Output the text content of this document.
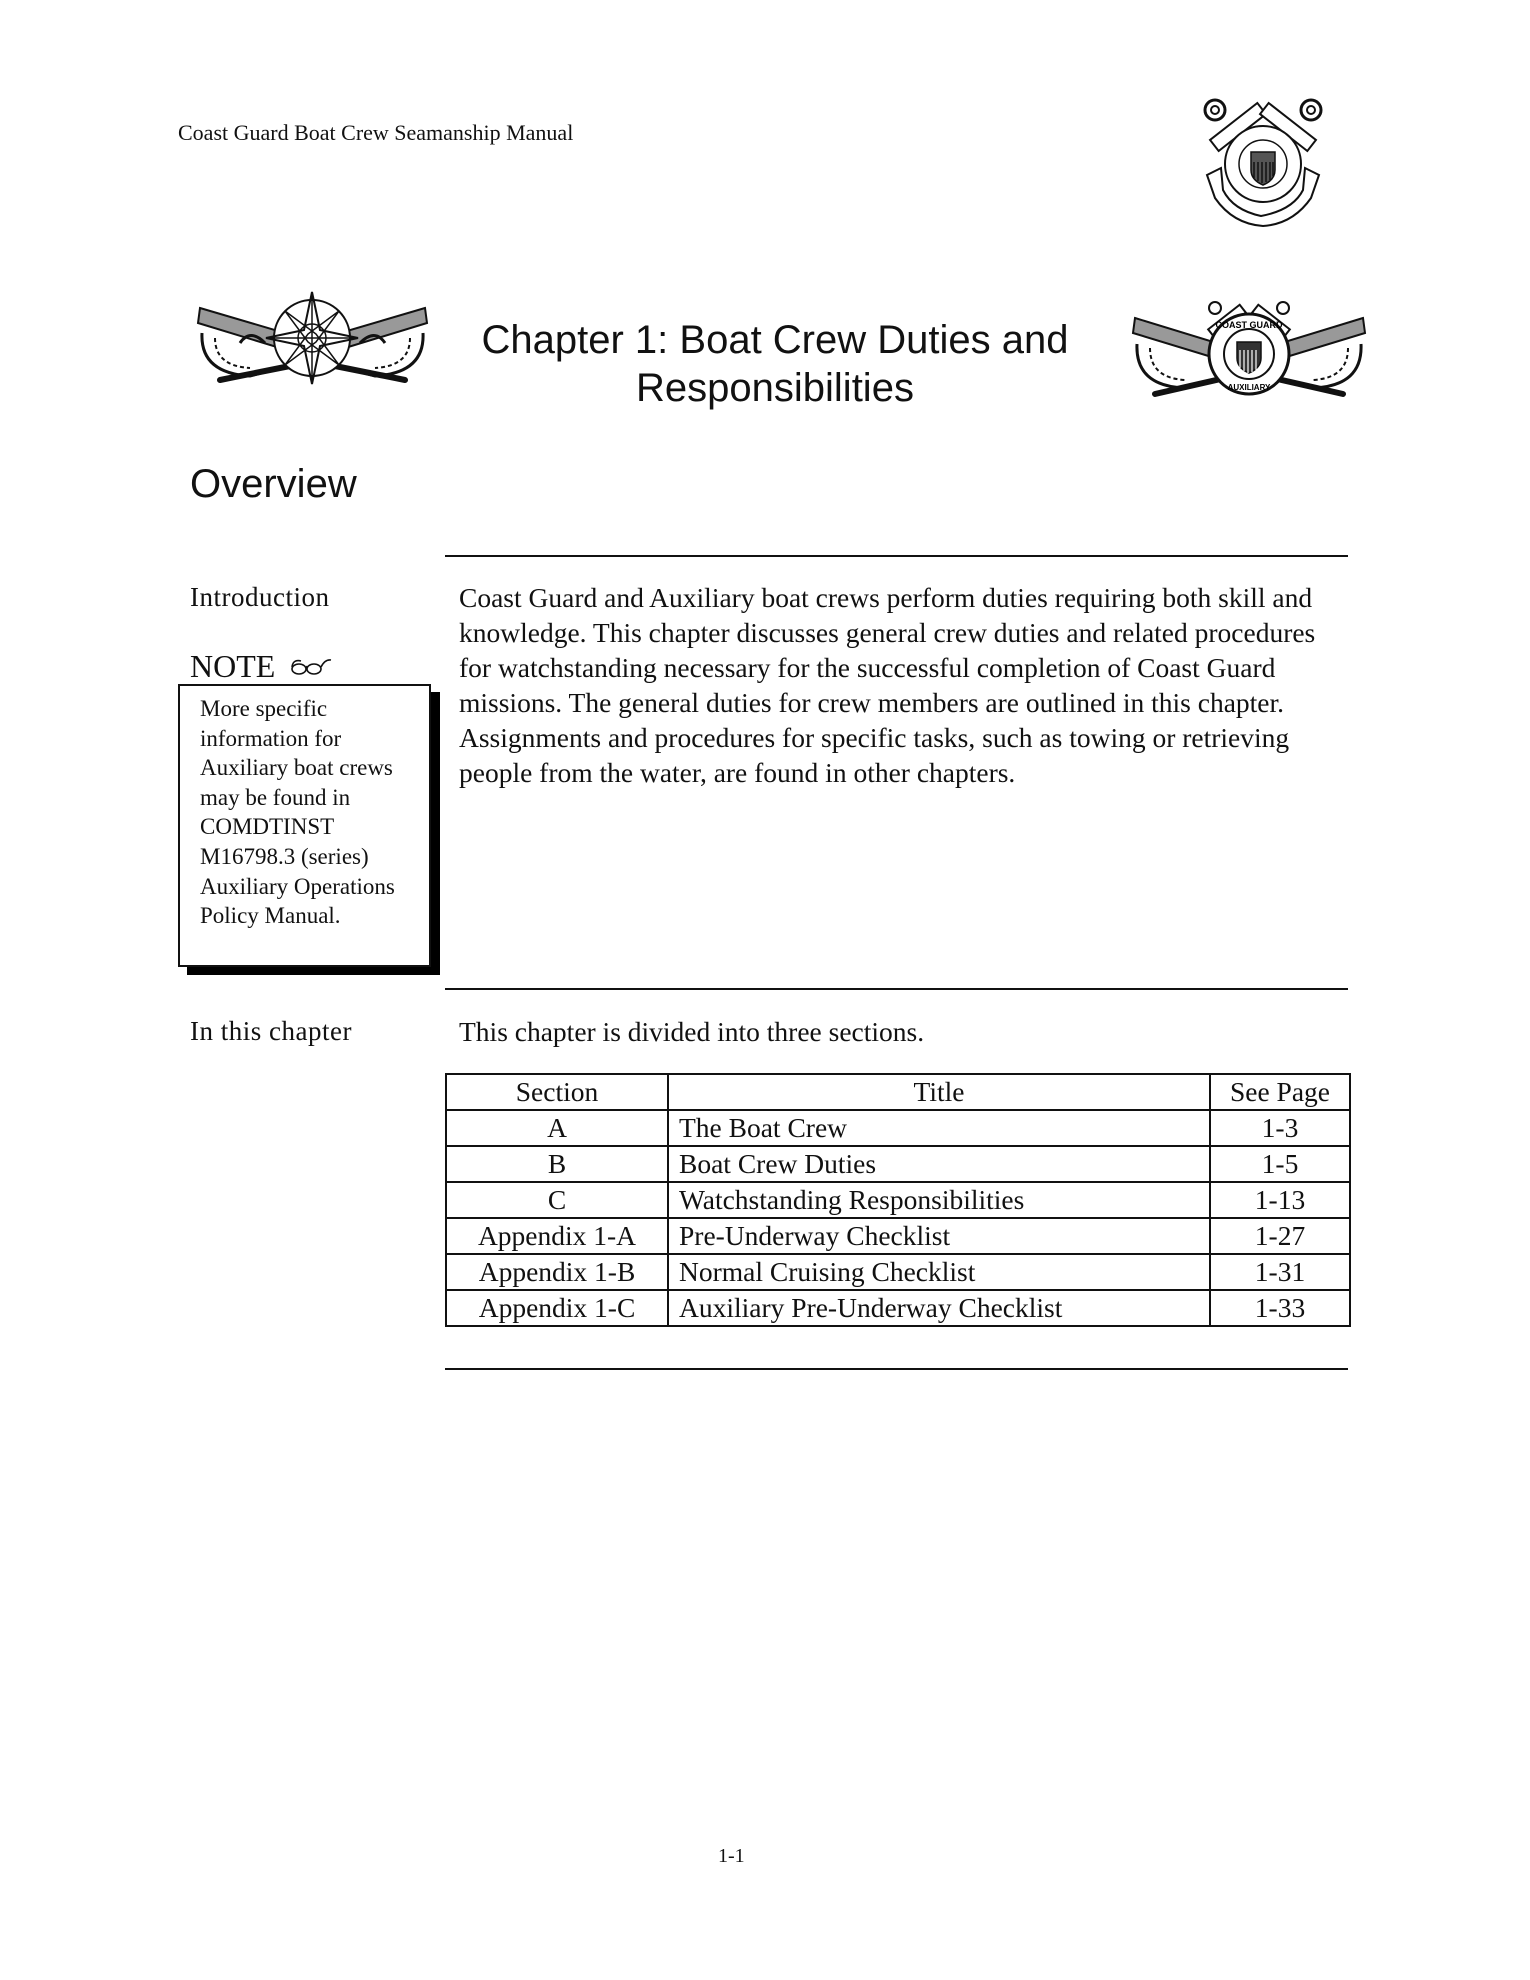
Coast Guard Boat Crew Seamanship Manual
Chapter 1: Boat Crew Duties and
Responsibilities
COAST GUARD
AUXILIARY
Overview
Introduction	Coast Guard and Auxiliary boat crews perform duties requiring both skill and knowledge. This chapter discusses general crew duties and related procedures for watchstanding necessary for the successful completion of Coast Guard missions. The general duties for crew members are outlined in this chapter. Assignments and procedures for specific tasks, such as towing or retrieving people from the water, are found in other chapters.
NOTE
More specific information for Auxiliary boat crews may be found in COMDTINST M16798.3 (series) Auxiliary Operations Policy Manual.
In this chapter	This chapter is divided into three sections.
Section	Title	See Page
A	The Boat Crew	1-3
B	Boat Crew Duties	1-5
C	Watchstanding Responsibilities	1-13
Appendix 1-A	Pre-Underway Checklist	1-27
Appendix 1-B	Normal Cruising Checklist	1-31
Appendix 1-C	Auxiliary Pre-Underway Checklist	1-33
1-1
